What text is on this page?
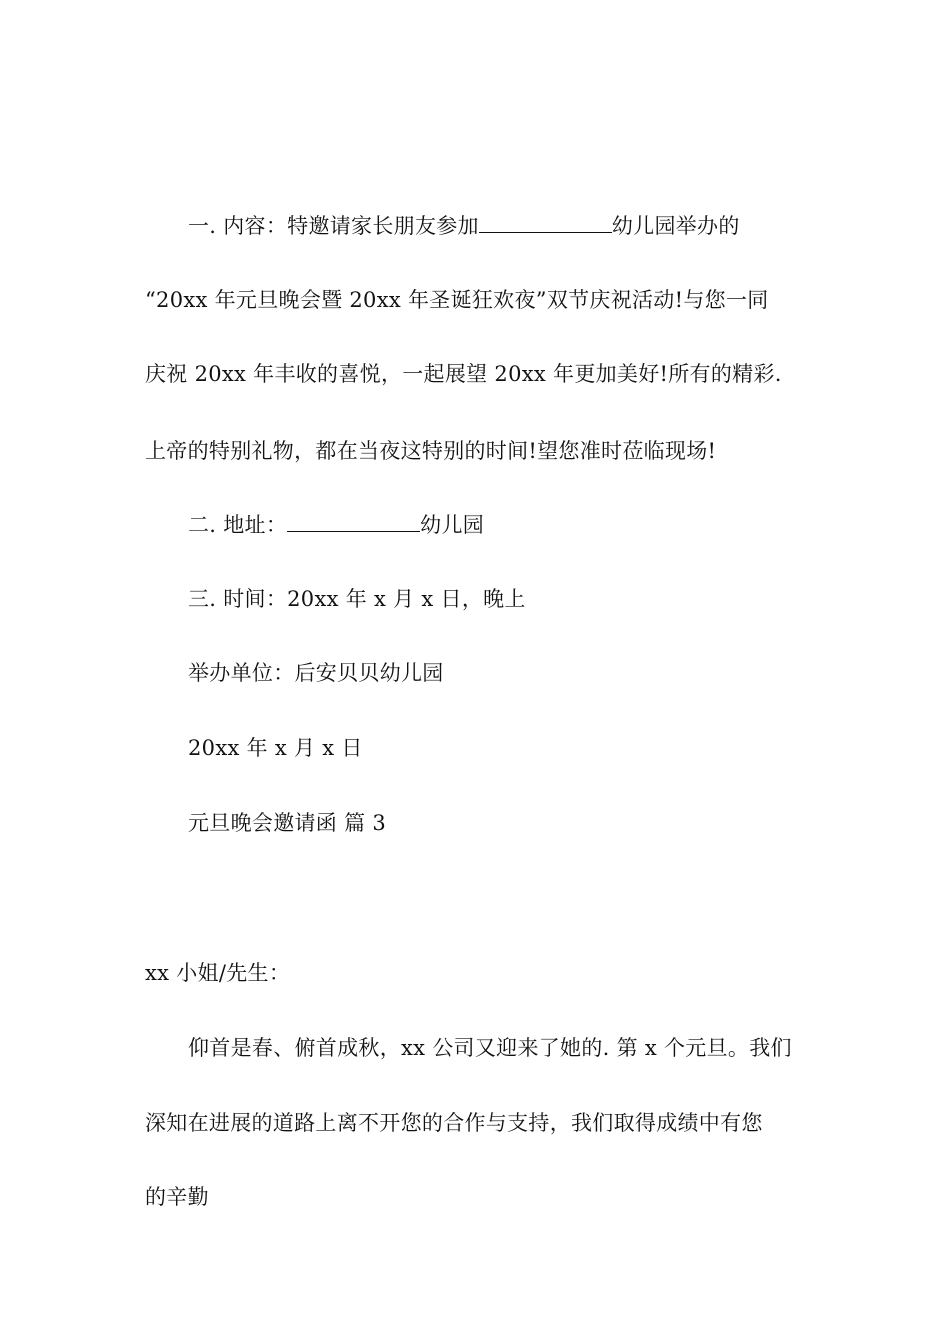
一. 内容：特邀请家长朋友参加	幼儿园举办的
“20xx 年元旦晚会暨 20xx 年圣诞狂欢夜”双节庆祝活动!与您一同
庆祝 20xx 年丰收的喜悦，一起展望 20xx 年更加美好!所有的精彩.
上帝的特别礼物，都在当夜这特别的时间!望您准时莅临现场!
二. 地址：	幼儿园
三. 时间：20xx 年 x 月 x 日，晚上
举办单位：后安贝贝幼儿园
20xx 年 x 月 x 日
元旦晚会邀请函 篇 3
xx 小姐/先生：
仰首是春、俯首成秋，xx 公司又迎来了她的. 第 x 个元旦。我们
深知在进展的道路上离不开您的合作与支持，我们取得成绩中有您
的辛勤
